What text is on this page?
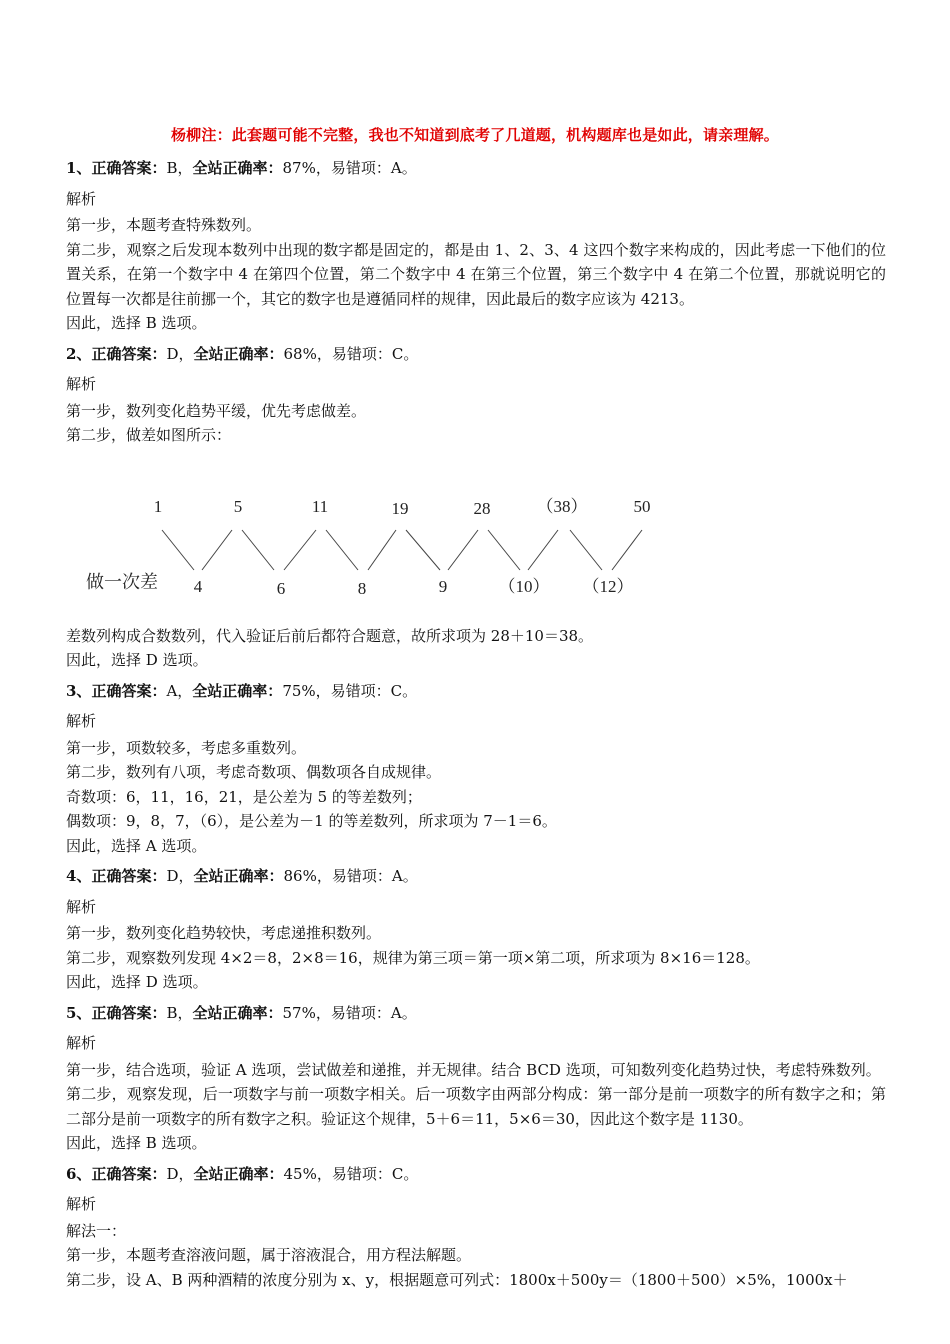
杨柳注：此套题可能不完整，我也不知道到底考了几道题，机构题库也是如此，请亲理解。
1、正确答案：B，全站正确率：87%，易错项：A。
解析
第一步，本题考查特殊数列。
第二步，观察之后发现本数列中出现的数字都是固定的，都是由 1、2、3、4 这四个数字来构成的，因此考虑一下他们的位置关系，在第一个数字中 4 在第四个位置，第二个数字中 4 在第三个位置，第三个数字中 4 在第二个位置，那就说明它的位置每一次都是往前挪一个，其它的数字也是遵循同样的规律，因此最后的数字应该为 4213。
因此，选择 B 选项。
2、正确答案：D，全站正确率：68%，易错项：C。
解析
第一步，数列变化趋势平缓，优先考虑做差。
第二步，做差如图所示：
1	5	11	19	28	（38）	50
做一次差 4	6	8	9	（10） （12）
差数列构成合数数列，代入验证后前后都符合题意，故所求项为 28＋10＝38。
因此，选择 D 选项。
3、正确答案：A，全站正确率：75%，易错项：C。
解析
第一步，项数较多，考虑多重数列。
第二步，数列有八项，考虑奇数项、偶数项各自成规律。
奇数项：6，11，16，21，是公差为 5 的等差数列；
偶数项：9，8，7，（6），是公差为－1 的等差数列，所求项为 7－1＝6。
因此，选择 A 选项。
4、正确答案：D，全站正确率：86%，易错项：A。
解析
第一步，数列变化趋势较快，考虑递推积数列。
第二步，观察数列发现 4×2＝8，2×8＝16，规律为第三项＝第一项×第二项，所求项为 8×16＝128。
因此，选择 D 选项。
5、正确答案：B，全站正确率：57%，易错项：A。
解析
第一步，结合选项，验证 A 选项，尝试做差和递推，并无规律。结合 BCD 选项，可知数列变化趋势过快，考虑特殊数列。
第二步，观察发现，后一项数字与前一项数字相关。后一项数字由两部分构成：第一部分是前一项数字的所有数字之和；第二部分是前一项数字的所有数字之积。验证这个规律，5＋6＝11，5×6＝30，因此这个数字是 1130。
因此，选择 B 选项。
6、正确答案：D，全站正确率：45%，易错项：C。
解析
解法一：
第一步，本题考查溶液问题，属于溶液混合，用方程法解题。
第二步，设 A、B 两种酒精的浓度分别为 x、y，根据题意可列式：1800x＋500y＝（1800＋500）×5%，1000x＋
